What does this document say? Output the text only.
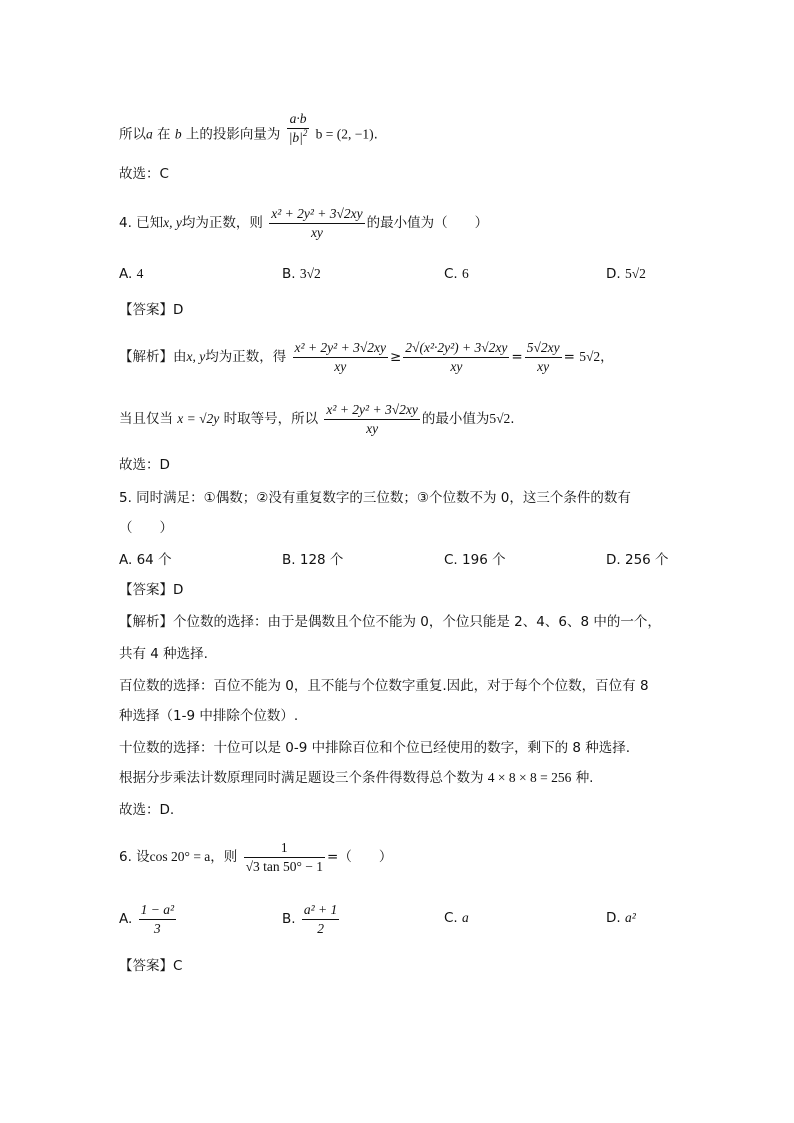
所以a 在 b 上的投影向量为 $\frac{a\cdot b}{|b|^2}$ b = (2, −1).
故选：C
4. 已知x, y均为正数，则 $\frac{\text{x² + 2y² + 3√2xy}}{xy}$ 的最小值为（　　）
A. 4	B. 3√2	C. 6	D. 5√2
【答案】D
【解析】由x, y均为正数，得 $\frac{\text{x² + 2y² + 3√2xy}}{xy} \ge \frac{\text{2√(x²·2y²) + 3√2xy}}{xy} = \frac{5√2xy}{xy} = 5√2$，
当且仅当 x = √2y 时取等号，所以 $\frac{\text{x² + 2y² + 3√2xy}}{xy}$ 的最小值为5√2.
故选：D
5. 同时满足：①偶数；②没有重复数字的三位数；③个位数不为 0，这三个条件的数有
（　　）
A. 64 个	B. 128 个	C. 196 个	D. 256 个
【答案】D
【解析】个位数的选择：由于是偶数且个位不能为 0，个位只能是 2、4、6、8 中的一个，
共有 4 种选择.
百位数的选择：百位不能为 0，且不能与个位数字重复.因此，对于每个个位数，百位有 8
种选择（1-9 中排除个位数）.
十位数的选择：十位可以是 0-9 中排除百位和个位已经使用的数字，剩下的 8 种选择.
根据分步乘法计数原理同时满足题设三个条件得数得总个数为 4 × 8 × 8 = 256 种.
故选：D.
6. 设cos 20° = a，则 $\frac{1}{√3 \tan 50^\circ - 1}$ =（　　）
A. $\frac{\text{1 − a²}}{3}$	B. $\frac{\text{a² + 1}}{2}$	C. a	D. a²
【答案】C
